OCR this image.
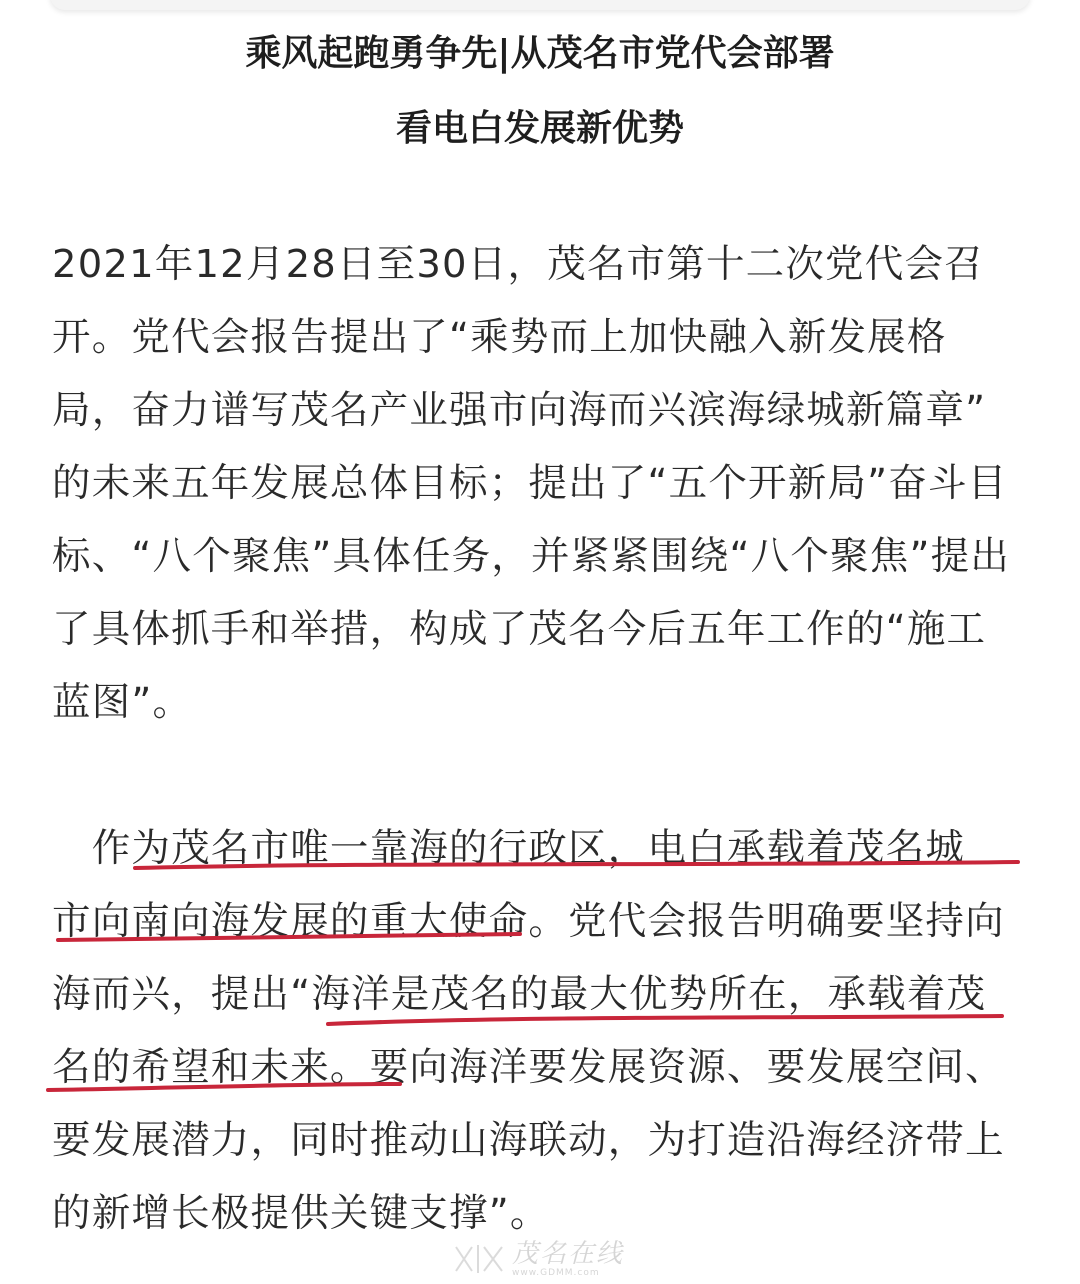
乘风起跑勇争先|从茂名市党代会部署
看电白发展新优势
2021年12月28日至30日，茂名市第十二次党代会召
开。党代会报告提出了“乘势而上加快融入新发展格
局，奋力谱写茂名产业强市向海而兴滨海绿城新篇章”
的未来五年发展总体目标；提出了“五个开新局”奋斗目
标、“八个聚焦”具体任务，并紧紧围绕“八个聚焦”提出
了具体抓手和举措，构成了茂名今后五年工作的“施工
蓝图”。
　作为茂名市唯一靠海的行政区，电白承载着茂名城
市向南向海发展的重大使命。党代会报告明确要坚持向
海而兴，提出“海洋是茂名的最大优势所在，承载着茂
名的希望和未来。要向海洋要发展资源、要发展空间、
要发展潜力，同时推动山海联动，为打造沿海经济带上
的新增长极提供关键支撑”。
茂名在线
www.GDMM.com
